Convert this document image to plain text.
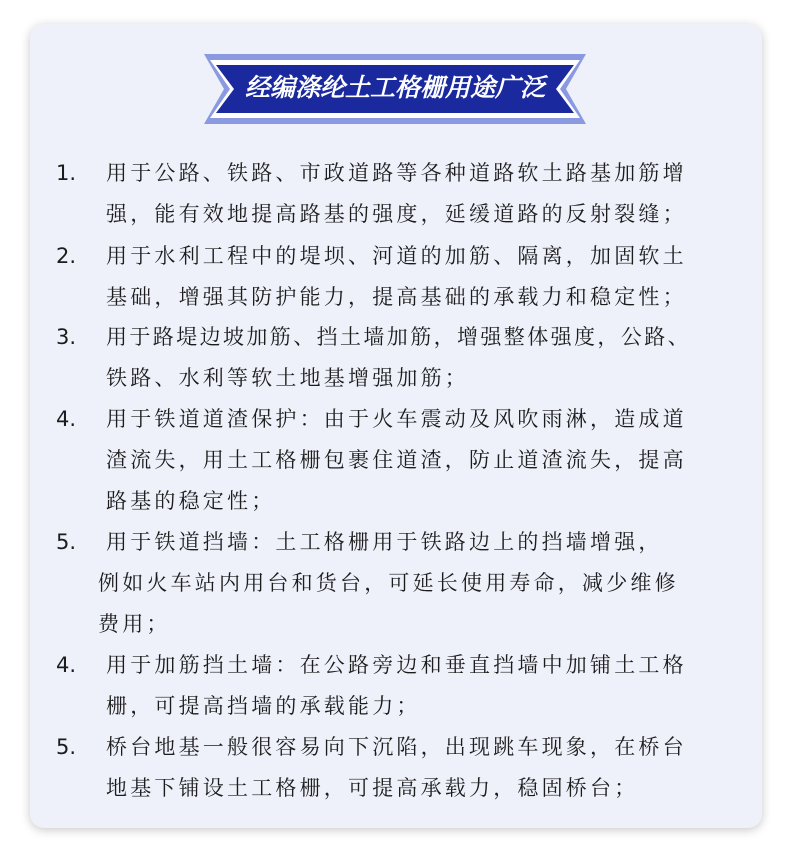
经编涤纶土工格栅用途广泛
1. 用于公路、铁路、市政道路等各种道路软土路基加筋增
强，能有效地提高路基的强度，延缓道路的反射裂缝；
2. 用于水利工程中的堤坝、河道的加筋、隔离，加固软土
基础，增强其防护能力，提高基础的承载力和稳定性；
3. 用于路堤边坡加筋、挡土墙加筋，增强整体强度，公路、
铁路、水利等软土地基增强加筋；
4. 用于铁道道渣保护：由于火车震动及风吹雨淋，造成道
渣流失，用土工格栅包裹住道渣，防止道渣流失，提高
路基的稳定性；
5. 用于铁道挡墙：土工格栅用于铁路边上的挡墙增强，
例如火车站内用台和货台，可延长使用寿命，减少维修
费用；
4. 用于加筋挡土墙：在公路旁边和垂直挡墙中加铺土工格
栅，可提高挡墙的承载能力；
5. 桥台地基一般很容易向下沉陷，出现跳车现象，在桥台
地基下铺设土工格栅，可提高承载力，稳固桥台；
